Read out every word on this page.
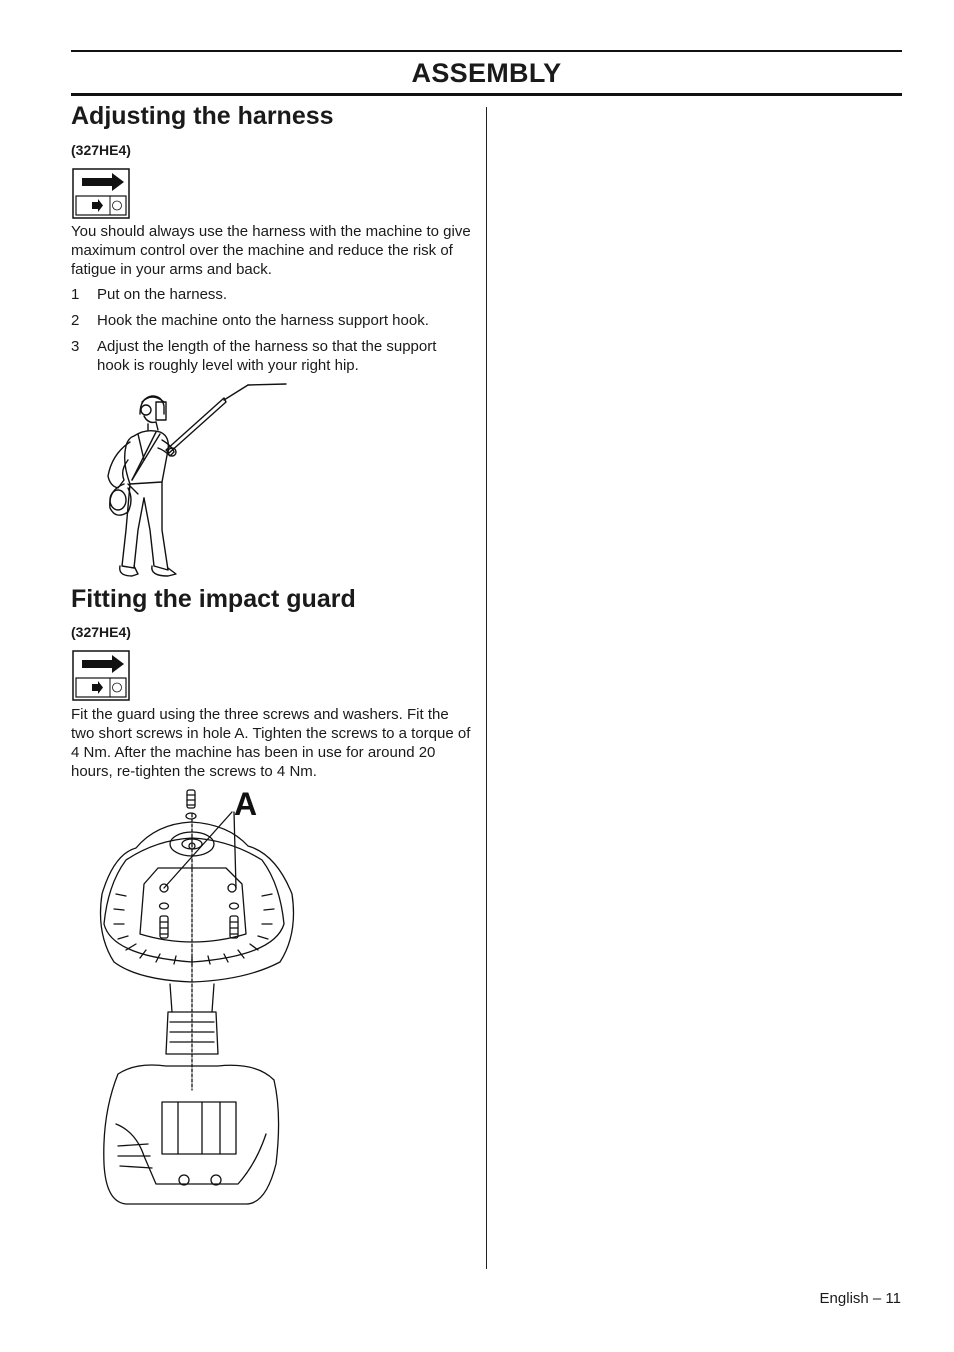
ASSEMBLY
Adjusting the harness
(327HE4)

You should always use the harness with the machine to give maximum control over the machine and reduce the risk of fatigue in your arms and back.

1	Put on the harness.
2	Hook the machine onto the harness support hook.
3	Adjust the length of the harness so that the support hook is roughly level with your right hip.
Fitting the impact guard
(327HE4)

Fit the guard using the three screws and washers. Fit the two short screws in hole A. Tighten the screws to a torque of 4 Nm. After the machine has been in use for around 20 hours, re-tighten the screws to 4 Nm.

A
English – 11
